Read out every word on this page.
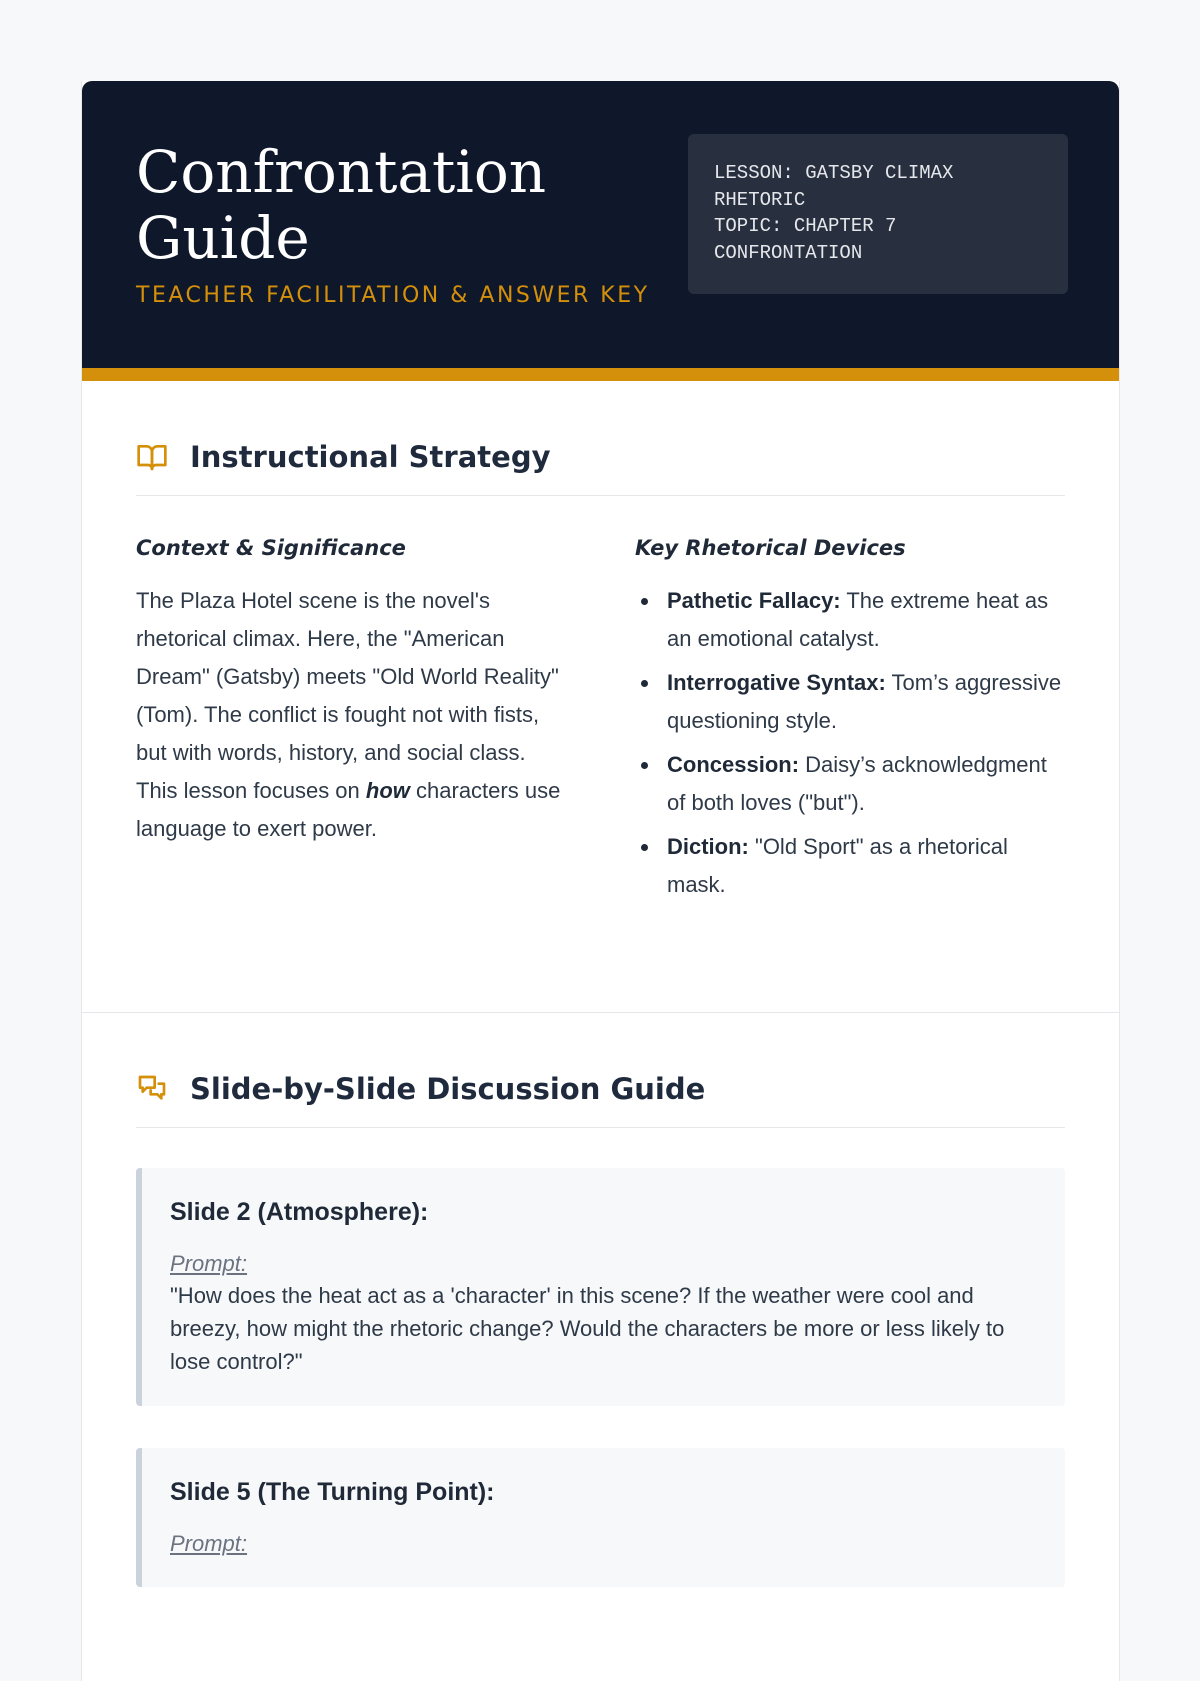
Confrontation
Guide
TEACHER FACILITATION & ANSWER KEY
LESSON: GATSBY CLIMAX
RHETORIC
TOPIC: CHAPTER 7
CONFRONTATION
Instructional Strategy
Context & Significance

The Plaza Hotel scene is the novel's rhetorical climax. Here, the "American Dream" (Gatsby) meets "Old World Reality" (Tom). The conflict is fought not with fists, but with words, history, and social class. This lesson focuses on how characters use language to exert power.

Key Rhetorical Devices
Pathetic Fallacy: The extreme heat as an emotional catalyst.
Interrogative Syntax: Tom’s aggressive questioning style.
Concession: Daisy’s acknowledgment of both loves ("but").
Diction: "Old Sport" as a rhetorical mask.
Slide-by-Slide Discussion Guide
Slide 2 (Atmosphere):
Prompt:
"How does the heat act as a 'character' in this scene? If the weather were cool and breezy, how might the rhetoric change? Would the characters be more or less likely to lose control?"
Slide 5 (The Turning Point):
Prompt:
